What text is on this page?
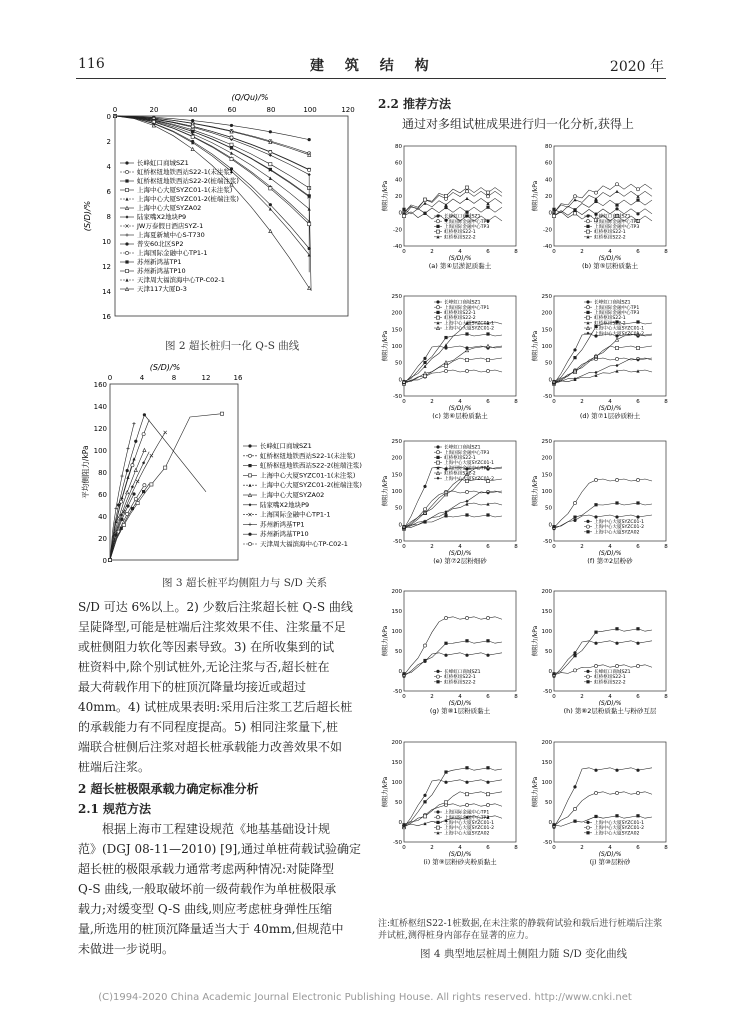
116	建 筑 结 构	2020 年
(Q/Qu)/%
0	20	40	60	80	100	120
0
2
4
6
8
10
12
14
16
(S/D)/%
长峰虹口商城SZ1
虹桥枢纽地铁西站S22-1(未注浆)
虹桥枢纽地铁西站S22-2(桩端注浆)
上海中心大厦SYZC01-1(未注浆)
上海中心大厦SYZC01-2(桩端注浆)
上海中心大厦SYZA02
陆家嘴X2地块P9
JW万泰假日酒店SYZ-1
上海夏新城中心S-T730
普安60北区SP2
上海国际金融中心TP1-1
苏州新鸿基TP1
苏州新鸿基TP10
天津周大福滨海中心TP-C02-1
天津117大厦D-3
图 2 超长桩归一化 Q-S 曲线
(S/D)/%
0	4	8	12	16
160
140
120
100
80
60
40
20
0
平均侧阻力/kPa	长峰虹口商城SZ1
虹桥枢纽地铁西站S22-1(未注浆)
虹桥枢纽地铁西站S22-2(桩端注浆)
上海中心大厦SYZC01-1(未注浆)
上海中心大厦SYZC01-2(桩端注浆)
上海中心大厦SYZA02
陆家嘴X2地块P9
上海国际金融中心TP1-1
苏州新鸿基TP1
苏州新鸿基TP10
天津周大福滨海中心TP-C02-1
图 3 超长桩平均侧阻力与 S/D 关系
S/D 可达 6%以上。2) 少数后注浆超长桩 Q-S 曲线
呈陡降型,可能是桩端后注浆效果不佳、注浆量不足
或桩侧阻力软化等因素导致。3) 在所收集到的试
桩资料中,除个别试桩外,无论注浆与否,超长桩在
最大荷载作用下的桩顶沉降量均接近或超过
40mm。4) 试桩成果表明:采用后注浆工艺后超长桩
的承载能力有不同程度提高。5) 相同注浆量下,桩
端联合桩侧后注浆对超长桩承载能力改善效果不如
桩端后注浆。
2 超长桩极限承载力确定标准分析
2.1 规范方法
根据上海市工程建设规范《地基基础设计规
范》(DGJ 08-11—2010) [9],通过单桩荷载试验确定
超长桩的极限承载力通常考虑两种情况:对陡降型
Q-S 曲线,一般取破坏前一级荷载作为单桩极限承
载力;对缓变型 Q-S 曲线,则应考虑桩身弹性压缩
量,所选用的桩顶沉降量适当大于 40mm,但规范中
未做进一步说明。
2.2 推荐方法
通过对多组试桩成果进行归一化分析,获得上
-40
-20
0
20
40
60
80
0	2	4	6	8
侧阻力/kPa
(S/D)/%
(a) 第④层淤泥质黏土
长峰虹口商城SZ1
上海国际金融中心TP1
上海国际金融中心TP3
虹桥枢纽S22-1
虹桥枢纽S22-2
-40
-20
0
20
40
60
80
0	2	4	6	8
侧阻力/kPa
(S/D)/%
(b) 第⑤层粉质黏土
长峰虹口商城SZ1
上海国际金融中心TP1
上海国际金融中心TP3
虹桥枢纽S22-1
虹桥枢纽S22-2
-50
0
50
100
150
200
250
0	2	4	6	8
侧阻力/kPa
(S/D)/%
(c) 第⑥层粉质黏土
长峰虹口商城SZ1
上海国际金融中心TP1
虹桥枢纽S22-1
虹桥枢纽S22-2
上海中心大厦SYZC01-1
上海中心大厦SYZC01-2
-50
0
50
100
150
200
250
0	2	4	6	8
侧阻力/kPa
(S/D)/%
(d) 第⑦1层砂质粉土
长峰虹口商城SZ1
上海国际金融中心TP1
上海国际金融中心TP3
虹桥枢纽S22-1
虹桥枢纽S22-2
上海中心大厦SYZC01-1
上海中心大厦SYZC01-2
-50
0
50
100
150
200
250
0	2	4	6	8
侧阻力/kPa
(S/D)/%
(e) 第⑦2层粉细砂
长峰虹口商城SZ1
上海国际金融中心TP3
虹桥枢纽S22-1
上海中心大厦SYZC01-1
上海国际金融中心TP1
虹桥枢纽S22-2
上海中心大厦SYZC01-2
-50
0
50
100
150
200
250
0	2	4	6	8
侧阻力/kPa
(S/D)/%
(f) 第⑦2层粉砂
上海中心大厦SYZC01-1
上海中心大厦SYZC01-2
上海中心大厦SYZA02
-50
0
50
100
150
200
0	2	4	6	8
侧阻力/kPa
(S/D)/%
(g) 第⑧1层粉质黏土
长峰虹口商城SZ1
虹桥枢纽S22-1
虹桥枢纽S22-2
-50
0
50
100
150
200
0	2	4	6	8
侧阻力/kPa
(S/D)/%
(h) 第⑧2层粉质黏土与粉砂互层
长峰虹口商城SZ1
虹桥枢纽S22-1
虹桥枢纽S22-2
-50
0
50
100
150
200
0	2	4	6	8
侧阻力/kPa
(S/D)/%
(i) 第⑨层粉砂夹粉质黏土
上海国际金融中心TP1
上海国际金融中心TP3
上海中心大厦SYZC01-1
上海中心大厦SYZC01-2
上海中心大厦SYZA02
-50
0
50
100
150
200
0	2	4	6	8
侧阻力/kPa
(S/D)/%
(j) 第⑩层粉砂
上海中心大厦SYZC01-1
上海中心大厦SYZC01-2
上海中心大厦SYZA02
注:虹桥枢纽S22-1桩数据,在未注浆的静载荷试验和载后进行桩端后注浆并试桩,测得桩身内部存在显著的应力。
图 4 典型地层桩周土侧阻力随 S/D 变化曲线
(C)1994-2020 China Academic Journal Electronic Publishing House. All rights reserved. http://www.cnki.net
